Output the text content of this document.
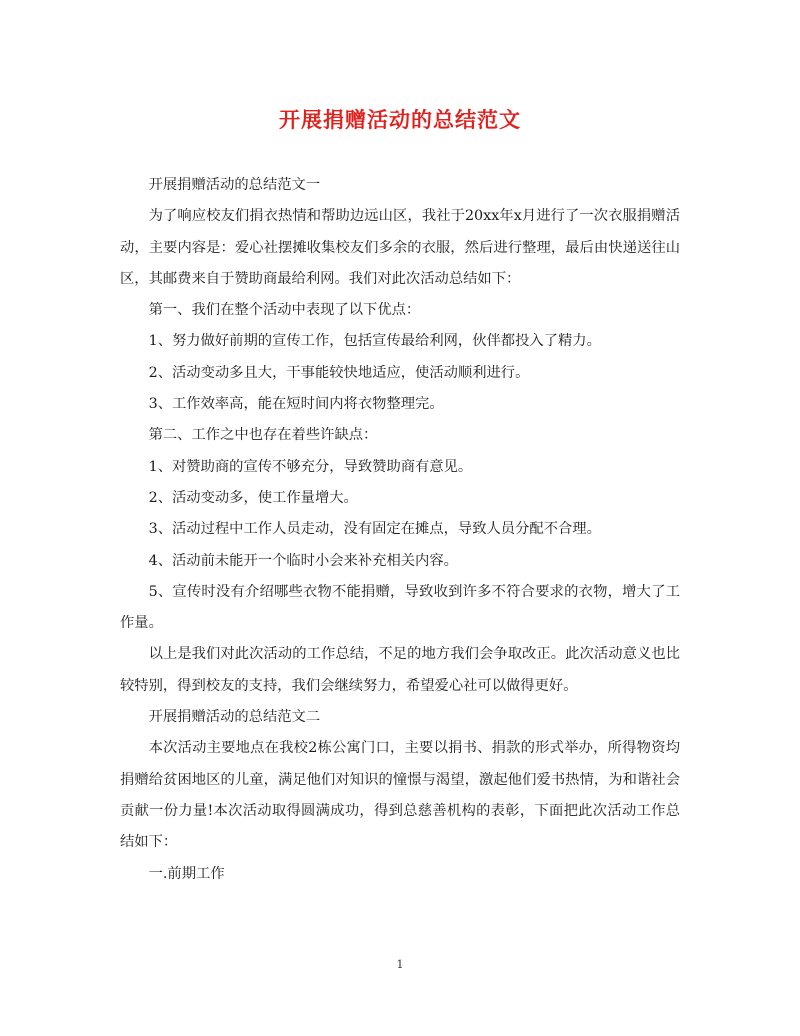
开展捐赠活动的总结范文

开展捐赠活动的总结范文一

为了响应校友们捐衣热情和帮助边远山区，我社于20xx年x月进行了一次衣服捐赠活动，主要内容是：爱心社摆摊收集校友们多余的衣服，然后进行整理，最后由快递送往山区，其邮费来自于赞助商最给利网。我们对此次活动总结如下：

第一、我们在整个活动中表现了以下优点：

1、努力做好前期的宣传工作，包括宣传最给利网，伙伴都投入了精力。

2、活动变动多且大，干事能较快地适应，使活动顺利进行。

3、工作效率高，能在短时间内将衣物整理完。

第二、工作之中也存在着些许缺点：

1、对赞助商的宣传不够充分，导致赞助商有意见。

2、活动变动多，使工作量增大。

3、活动过程中工作人员走动，没有固定在摊点，导致人员分配不合理。

4、活动前未能开一个临时小会来补充相关内容。

5、宣传时没有介绍哪些衣物不能捐赠，导致收到许多不符合要求的衣物，增大了工作量。

以上是我们对此次活动的工作总结，不足的地方我们会争取改正。此次活动意义也比较特别，得到校友的支持，我们会继续努力，希望爱心社可以做得更好。

开展捐赠活动的总结范文二

本次活动主要地点在我校2栋公寓门口，主要以捐书、捐款的形式举办，所得物资均捐赠给贫困地区的儿童，满足他们对知识的憧憬与渴望，激起他们爱书热情，为和谐社会贡献一份力量!本次活动取得圆满成功，得到总慈善机构的表彰，下面把此次活动工作总结如下：

一.前期工作

1
